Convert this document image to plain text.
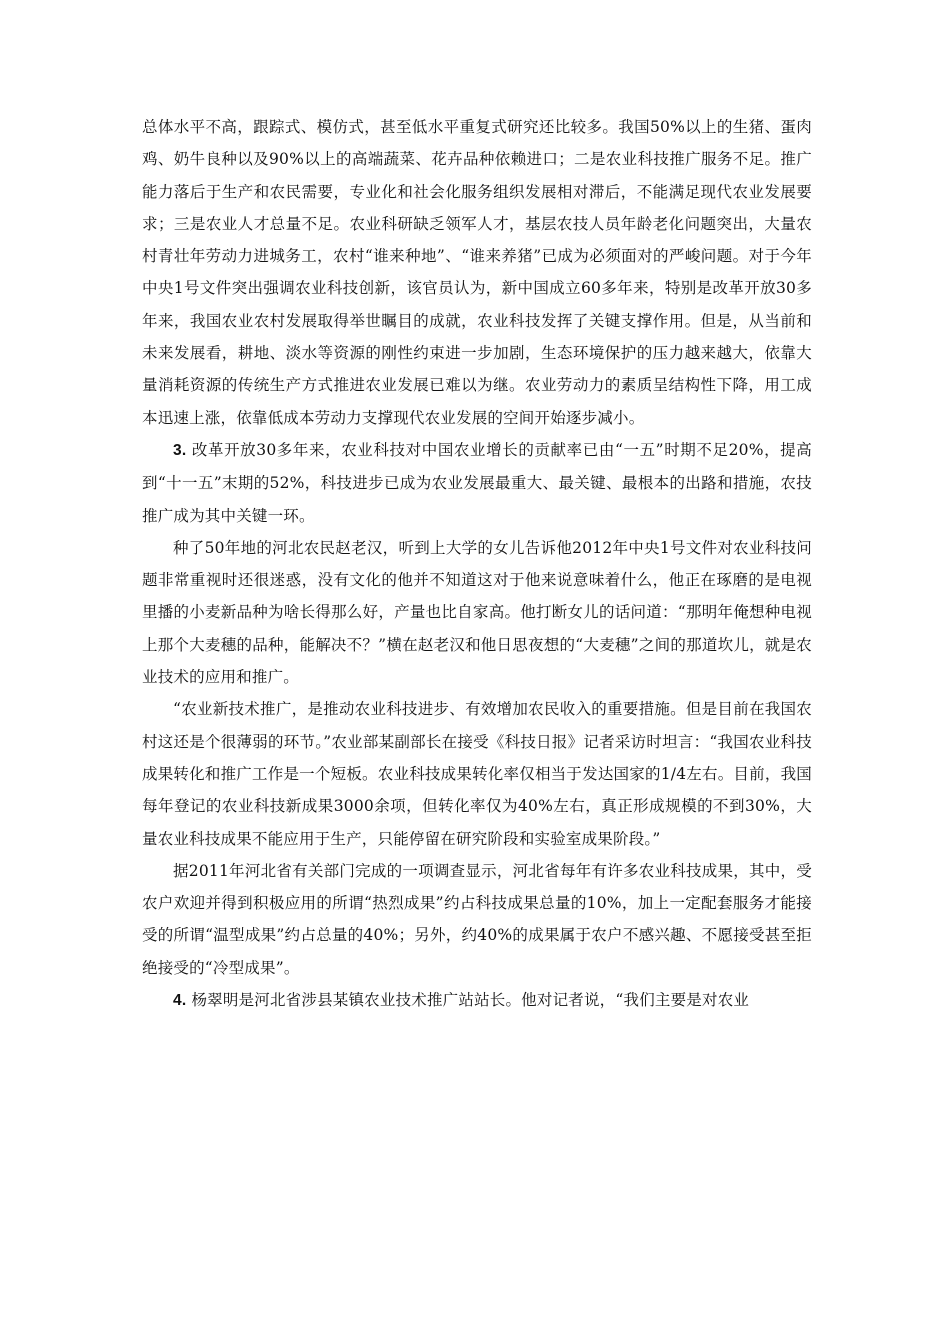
总体水平不高，跟踪式、模仿式，甚至低水平重复式研究还比较多。我国50%以上的生猪、蛋肉鸡、奶牛良种以及90%以上的高端蔬菜、花卉品种依赖进口；二是农业科技推广服务不足。推广能力落后于生产和农民需要，专业化和社会化服务组织发展相对滞后，不能满足现代农业发展要求；三是农业人才总量不足。农业科研缺乏领军人才，基层农技人员年龄老化问题突出，大量农村青壮年劳动力进城务工，农村“谁来种地”、“谁来养猪”已成为必须面对的严峻问题。对于今年中央1号文件突出强调农业科技创新，该官员认为，新中国成立60多年来，特别是改革开放30多年来，我国农业农村发展取得举世瞩目的成就，农业科技发挥了关键支撑作用。但是，从当前和未来发展看，耕地、淡水等资源的刚性约束进一步加剧，生态环境保护的压力越来越大，依靠大量消耗资源的传统生产方式推进农业发展已难以为继。农业劳动力的素质呈结构性下降，用工成本迅速上涨，依靠低成本劳动力支撑现代农业发展的空间开始逐步减小。

3. 改革开放30多年来，农业科技对中国农业增长的贡献率已由“一五”时期不足20%，提高到“十一五”末期的52%，科技进步已成为农业发展最重大、最关键、最根本的出路和措施，农技推广成为其中关键一环。

种了50年地的河北农民赵老汉，听到上大学的女儿告诉他2012年中央1号文件对农业科技问题非常重视时还很迷惑，没有文化的他并不知道这对于他来说意味着什么，他正在琢磨的是电视里播的小麦新品种为啥长得那么好，产量也比自家高。他打断女儿的话问道：“那明年俺想种电视上那个大麦穗的品种，能解决不？”横在赵老汉和他日思夜想的“大麦穗”之间的那道坎儿，就是农业技术的应用和推广。

“农业新技术推广，是推动农业科技进步、有效增加农民收入的重要措施。但是目前在我国农村这还是个很薄弱的环节。”农业部某副部长在接受《科技日报》记者采访时坦言：“我国农业科技成果转化和推广工作是一个短板。农业科技成果转化率仅相当于发达国家的1/4左右。目前，我国每年登记的农业科技新成果3000余项，但转化率仅为40%左右，真正形成规模的不到30%，大量农业科技成果不能应用于生产，只能停留在研究阶段和实验室成果阶段。”

据2011年河北省有关部门完成的一项调查显示，河北省每年有许多农业科技成果，其中，受农户欢迎并得到积极应用的所谓“热烈成果”约占科技成果总量的10%，加上一定配套服务才能接受的所谓“温型成果”约占总量的40%；另外，约40%的成果属于农户不感兴趣、不愿接受甚至拒绝接受的“冷型成果”。

4. 杨翠明是河北省涉县某镇农业技术推广站站长。他对记者说，“我们主要是对农业
